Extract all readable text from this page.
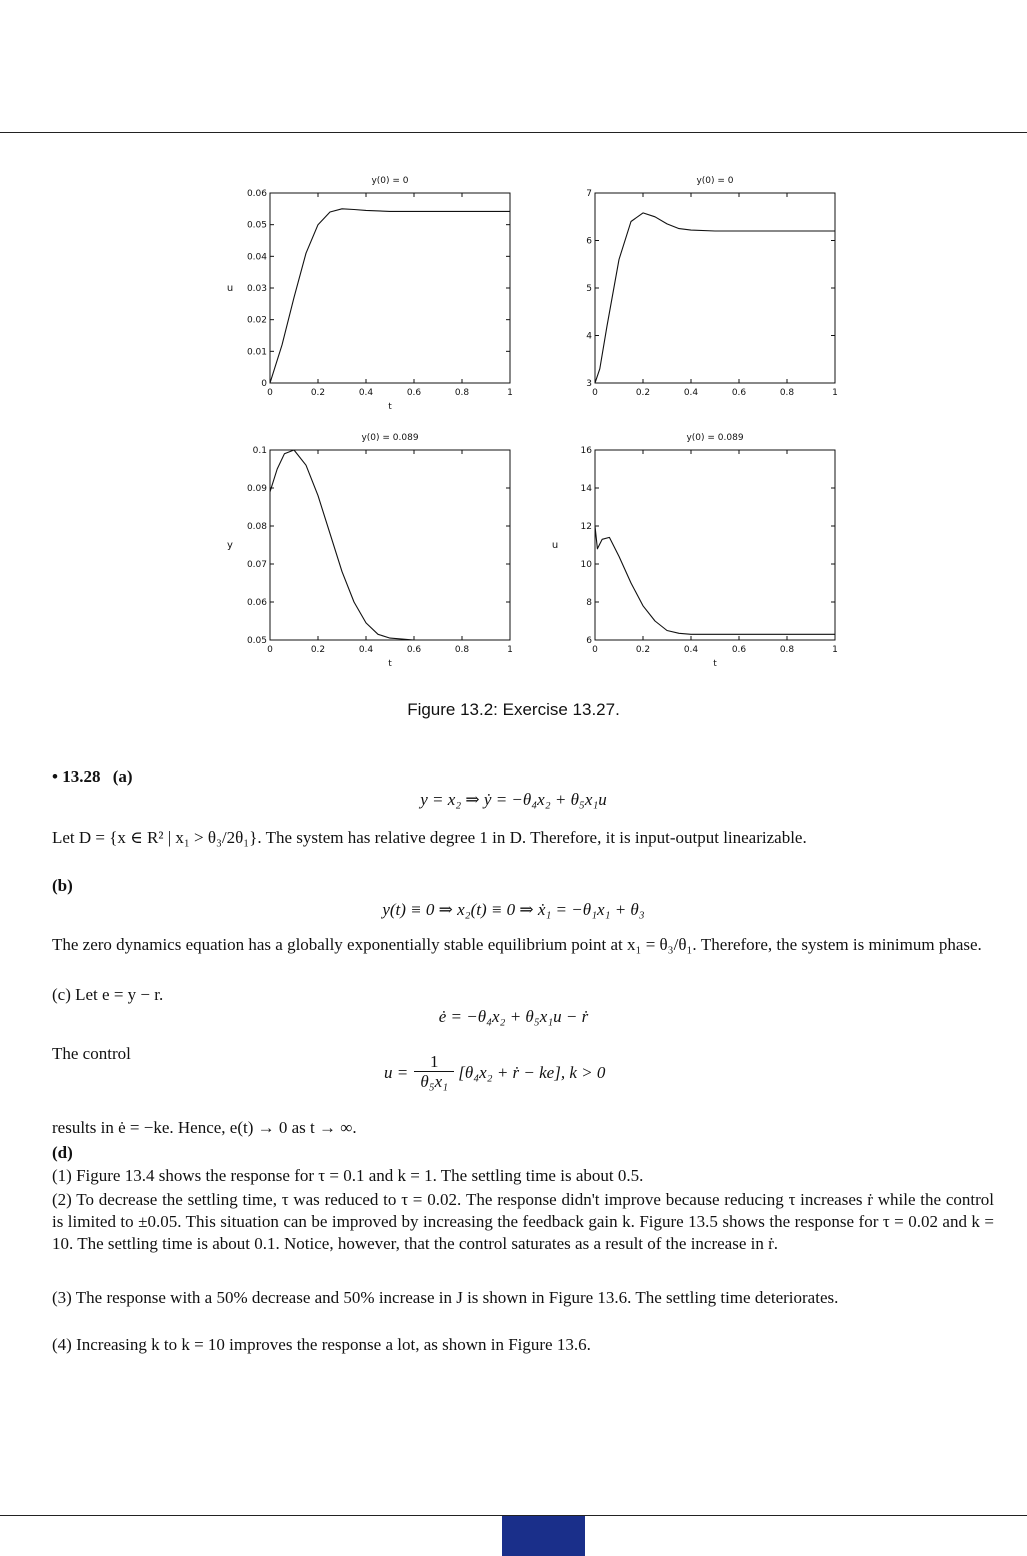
0	0.2	0.4	0.6	0.8	1
0
0.01
0.02
0.03
0.04
0.05
0.06
y(0) = 0
t
u
0	0.2	0.4	0.6	0.8	1
3
4
5
6
7
y(0) = 0
0	0.2	0.4	0.6	0.8	1
0.05
0.06
0.07
0.08
0.09
0.1
y(0) = 0.089
t
y
0	0.2	0.4	0.6	0.8	1
6
8
10
12
14
16
y(0) = 0.089
t
u
Figure 13.2: Exercise 13.27.
• 13.28 (a)
y = x₂ ⇒ ẏ = −θ₄x₂ + θ₅x₁u
Let D = {x ∈ R² | x₁ > θ₃/2θ₁}. The system has relative degree 1 in D. Therefore, it is input-output linearizable.
(b)
y(t) ≡ 0 ⇒ x₂(t) ≡ 0 ⇒ ẋ₁ = −θ₁x₁ + θ₃
The zero dynamics equation has a globally exponentially stable equilibrium point at x₁ = θ₃/θ₁. Therefore, the system is minimum phase.
(c) Let e = y − r.
ė = −θ₄x₂ + θ₅x₁u − ṙ
The control
u =
1
θ₅x₁ [θ₄x₂ + ṙ − ke], k > 0
results in ė = −ke. Hence, e(t) → 0 as t → ∞.
(d)
(1) Figure 13.4 shows the response for τ = 0.1 and k = 1. The settling time is about 0.5.
(2) To decrease the settling time, τ was reduced to τ = 0.02. The response didn't improve because reducing τ increases ṙ while the control is limited to ±0.05. This situation can be improved by increasing the feedback gain k. Figure 13.5 shows the response for τ = 0.02 and k = 10. The settling time is about 0.1. Notice, however, that the control saturates as a result of the increase in ṙ.
(3) The response with a 50% decrease and 50% increase in J is shown in Figure 13.6. The settling time deteriorates.
(4) Increasing k to k = 10 improves the response a lot, as shown in Figure 13.6.
